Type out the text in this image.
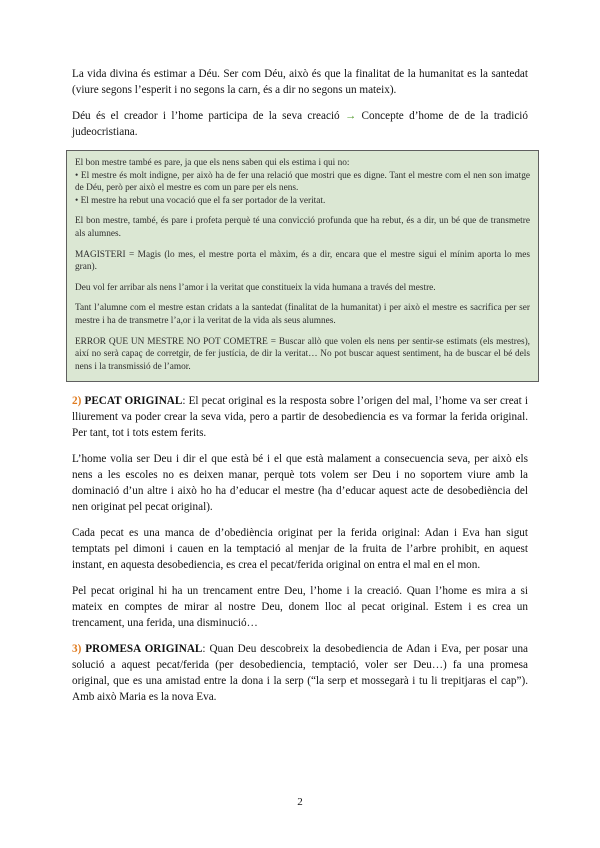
La vida divina és estimar a Déu. Ser com Déu, això és que la finalitat de la humanitat es la santedat (viure segons l’esperit i no segons la carn, és a dir no segons un mateix).

Déu és el creador i l’home participa de la seva creació → Concepte d’home de de la tradició judeocristiana.

El bon mestre també es pare, ja que els nens saben qui els estima i qui no:
• El mestre és molt indigne, per això ha de fer una relació que mostri que es digne. Tant el mestre com el nen son imatge de Déu, però per això el mestre es com un pare per els nens.
• El mestre ha rebut una vocació que el fa ser portador de la veritat.

El bon mestre, també, és pare i profeta perquè té una convicció profunda que ha rebut, és a dir, un bé que de transmetre als alumnes.

MAGISTERI = Magis (lo mes, el mestre porta el màxim, és a dir, encara que el mestre sigui el mínim aporta lo mes gran).

Deu vol fer arribar als nens l’amor i la veritat que constitueix la vida humana a través del mestre.

Tant l’alumne com el mestre estan cridats a la santedat (finalitat de la humanitat) i per això el mestre es sacrifica per ser mestre i ha de transmetre l’a,or i la veritat de la vida als seus alumnes.

ERROR QUE UN MESTRE NO POT COMETRE = Buscar allò que volen els nens per sentir-se estimats (els mestres), així no serà capaç de corretgir, de fer justícia, de dir la veritat… No pot buscar aquest sentiment, ha de buscar el bé dels nens i la transmissió de l’amor.

2) PECAT ORIGINAL: El pecat original es la resposta sobre l’origen del mal, l’home va ser creat i lliurement va poder crear la seva vida, pero a partir de desobediencia es va formar la ferida original. Per tant, tot i tots estem ferits.

L’home volia ser Deu i dir el que està bé i el que està malament a consecuencia seva, per això els nens a les escoles no es deixen manar, perquè tots volem ser Deu i no soportem viure amb la dominació d’un altre i això ho ha d’educar el mestre (ha d’educar aquest acte de desobediència del nen originat pel pecat original).

Cada pecat es una manca de d’obediència originat per la ferida original: Adan i Eva han sigut temptats pel dimoni i cauen en la temptació al menjar de la fruita de l’arbre prohibit, en aquest instant, en aquesta desobediencia, es crea el pecat/ferida original on entra el mal en el mon.

Pel pecat original hi ha un trencament entre Deu, l’home i la creació. Quan l’home es mira a si mateix en comptes de mirar al nostre Deu, donem lloc al pecat original. Estem i es crea un trencament, una ferida, una disminució…

3) PROMESA ORIGINAL: Quan Deu descobreix la desobediencia de Adan i Eva, per posar una solució a aquest pecat/ferida (per desobediencia, temptació, voler ser Deu…) fa una promesa original, que es una amistad entre la dona i la serp (“la serp et mossegarà i tu li trepitjaras el cap”). Amb això Maria es la nova Eva.

2
